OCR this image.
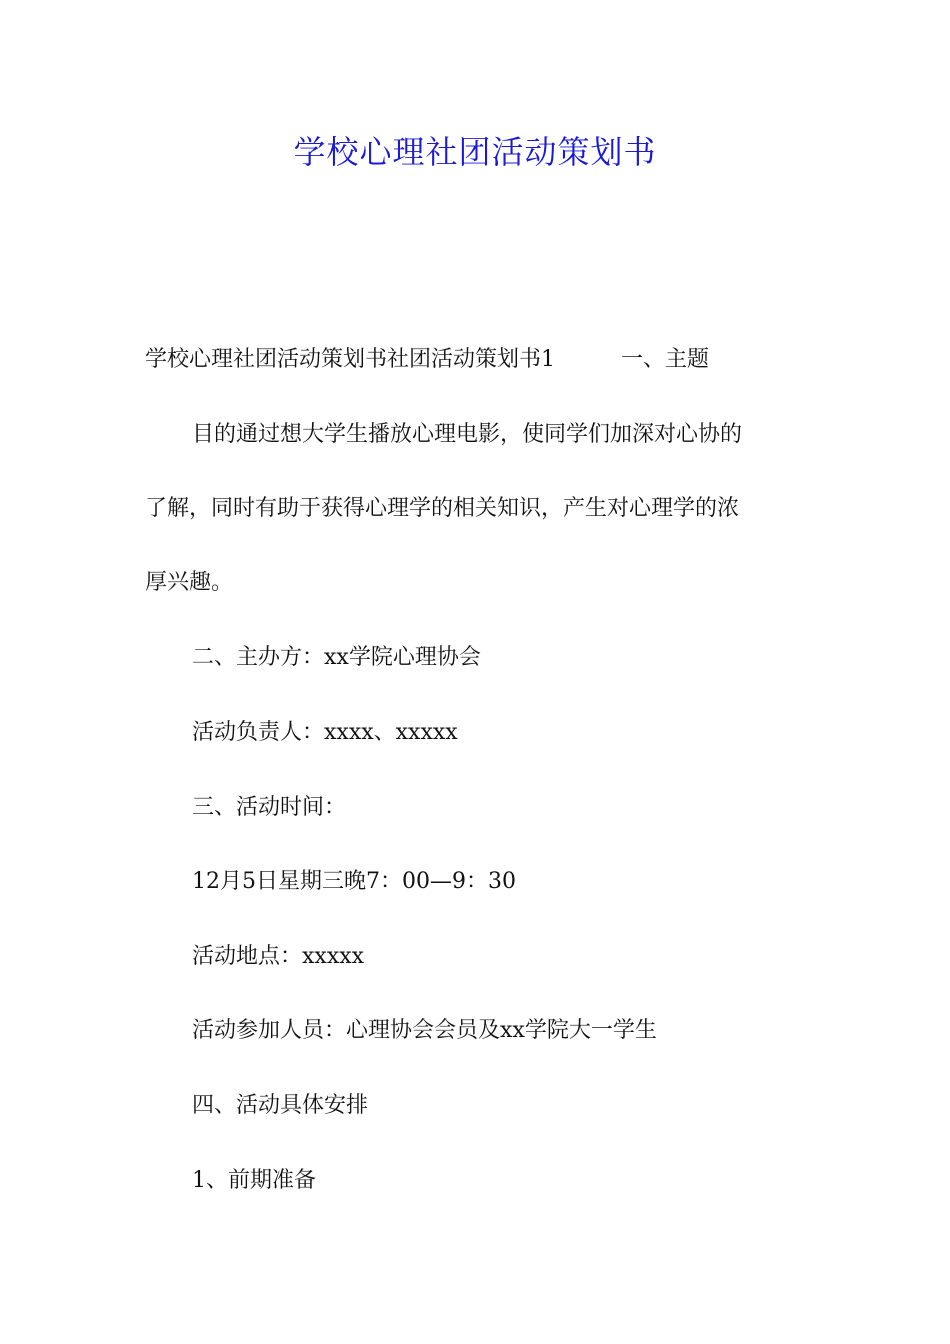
学校心理社团活动策划书
学校心理社团活动策划书社团活动策划书1	一、主题
目的通过想大学生播放心理电影，使同学们加深对心协的
了解，同时有助于获得心理学的相关知识，产生对心理学的浓
厚兴趣。
二、主办方：xx学院心理协会
活动负责人：xxxx、xxxxx
三、活动时间：
12月5日星期三晚7：00—9：30
活动地点：xxxxx
活动参加人员：心理协会会员及xx学院大一学生
四、活动具体安排
1、前期准备
